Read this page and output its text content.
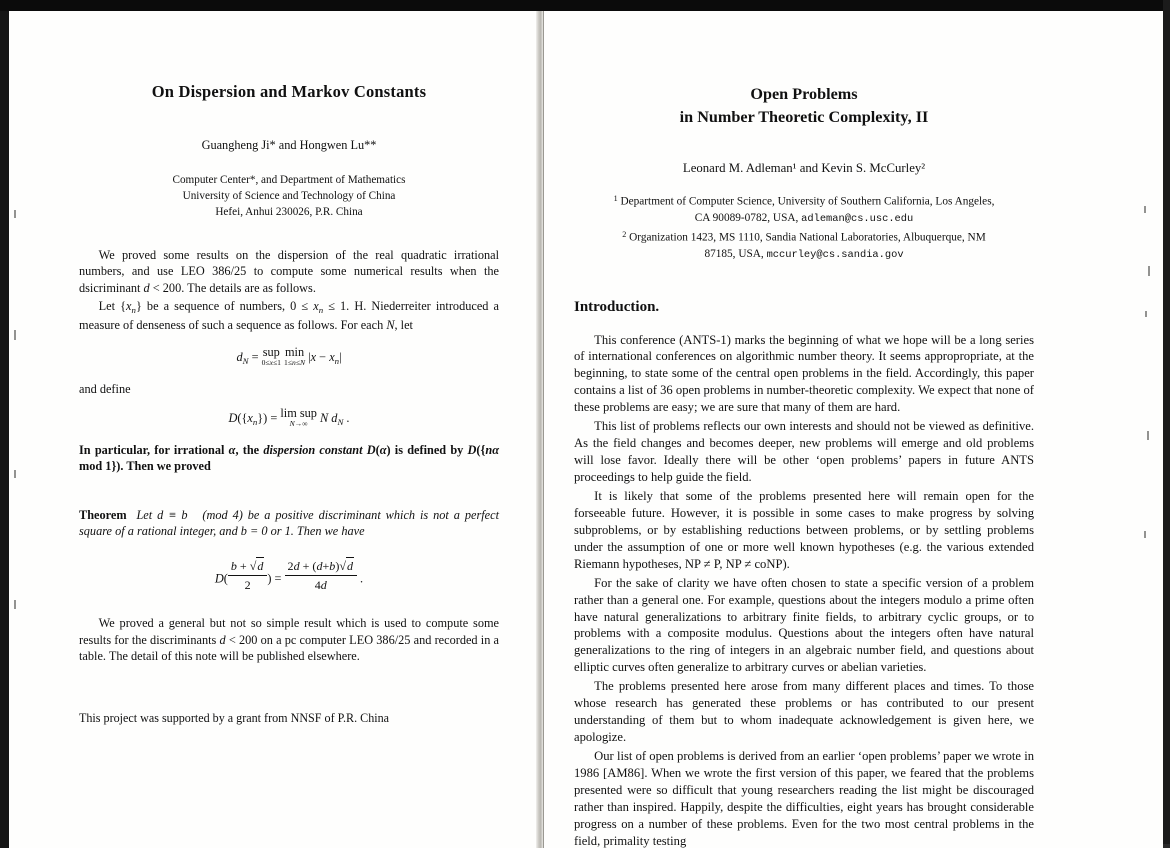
On Dispersion and Markov Constants
Guangheng Ji* and Hongwen Lu**
Computer Center*, and Department of Mathematics
University of Science and Technology of China
Hefei, Anhui 230026, P.R. China

We proved some results on the dispersion of the real quadratic irrational numbers, and use LEO 386/25 to compute some numerical results when the dsicriminant d < 200. The details are as follows.

Let $\{x_n\}$ be a sequence of numbers, $0 \le x_n \le 1$. H. Niederreiter introduced a measure of denseness of such a sequence as follows. For each N, let

$d_N$ = sup
0≤x≤1

min
1≤n≤N $|x - x_n|$
and define
$D(\{x_n\}) = \lim$ sup
N→∞ N $d_N$ .

In particular, for irrational α, the dispersion constant D(α) is defined by D({nα mod 1}). Then we proved

Theorem  Let d ≡ b   (mod 4) be a positive discriminant which is not a perfect square of a rational integer, and b = 0 or 1. Then we have

$D( \frac{b + √d}{2}$ ) = $\frac{2d + (d+b)√d}{4d}$ .

We proved a general but not so simple result which is used to compute some results for the discriminants d < 200 on a pc computer LEO 386/25 and recorded in a table. The detail of this note will be published elsewhere.

This project was supported by a grant from NNSF of P.R. China
Open Problems
in Number Theoretic Complexity, II
Leonard M. Adleman¹ and Kevin S. McCurley²
$^1$ Department of Computer Science, University of Southern California, Los Angeles,
CA 90089-0782, USA, adleman@cs.usc.edu
$^2$ Organization 1423, MS 1110, Sandia National Laboratories, Albuquerque, NM
87185, USA, mccurley@cs.sandia.gov
Introduction.

This conference (ANTS-1) marks the beginning of what we hope will be a long series of international conferences on algorithmic number theory. It seems appropropriate, at the beginning, to state some of the central open problems in the field. Accordingly, this paper contains a list of 36 open problems in number-theoretic complexity. We expect that none of these problems are easy; we are sure that many of them are hard.

This list of problems reflects our own interests and should not be viewed as definitive. As the field changes and becomes deeper, new problems will emerge and old problems will lose favor. Ideally there will be other ‘open problems’ papers in future ANTS proceedings to help guide the field.

It is likely that some of the problems presented here will remain open for the forseeable future. However, it is possible in some cases to make progress by solving subproblems, or by establishing reductions between problems, or by settling problems under the assumption of one or more well known hypotheses (e.g. the various extended Riemann hypotheses, NP ≠ P, NP ≠ coNP).

For the sake of clarity we have often chosen to state a specific version of a problem rather than a general one. For example, questions about the integers modulo a prime often have natural generalizations to arbitrary finite fields, to arbitrary cyclic groups, or to problems with a composite modulus. Questions about the integers often have natural generalizations to the ring of integers in an algebraic number field, and questions about elliptic curves often generalize to arbitrary curves or abelian varieties.

The problems presented here arose from many different places and times. To those whose research has generated these problems or has contributed to our present understanding of them but to whom inadequate acknowledgement is given here, we apologize.

Our list of open problems is derived from an earlier ‘open problems’ paper we wrote in 1986 [AM86]. When we wrote the first version of this paper, we feared that the problems presented were so difficult that young researchers reading the list might be discouraged rather than inspired. Happily, despite the difficulties, eight years has brought considerable progress on a number of these problems. Even for the two most central problems in the field, primality testing
